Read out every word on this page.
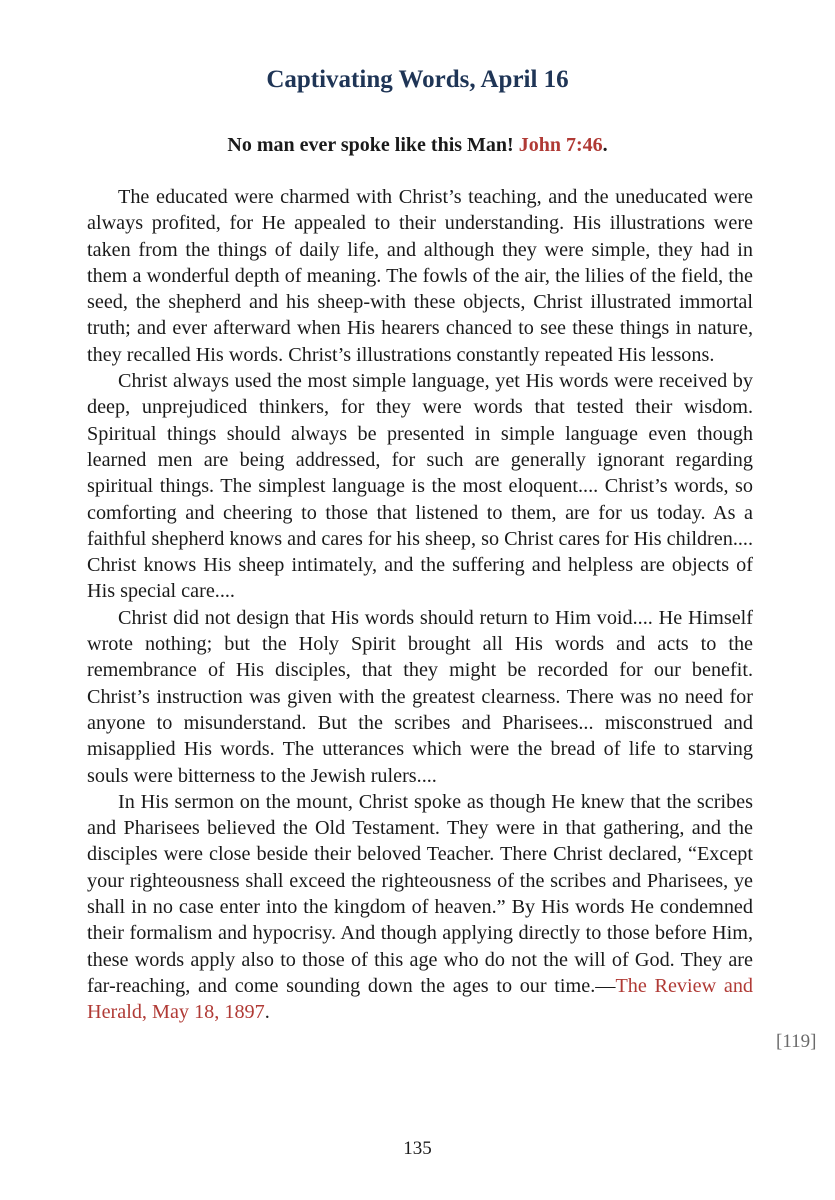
Captivating Words, April 16

No man ever spoke like this Man! John 7:46.

The educated were charmed with Christ’s teaching, and the uneducated were always profited, for He appealed to their understanding. His illustrations were taken from the things of daily life, and although they were simple, they had in them a wonderful depth of meaning. The fowls of the air, the lilies of the field, the seed, the shepherd and his sheep-with these objects, Christ illustrated immortal truth; and ever afterward when His hearers chanced to see these things in nature, they recalled His words. Christ’s illustrations constantly repeated His lessons.

Christ always used the most simple language, yet His words were received by deep, unprejudiced thinkers, for they were words that tested their wisdom. Spiritual things should always be presented in simple language even though learned men are being addressed, for such are generally ignorant regarding spiritual things. The simplest language is the most eloquent.... Christ’s words, so comforting and cheering to those that listened to them, are for us today. As a faithful shepherd knows and cares for his sheep, so Christ cares for His children.... Christ knows His sheep intimately, and the suffering and helpless are objects of His special care....

Christ did not design that His words should return to Him void.... He Himself wrote nothing; but the Holy Spirit brought all His words and acts to the remembrance of His disciples, that they might be recorded for our benefit. Christ’s instruction was given with the greatest clearness. There was no need for anyone to misunderstand. But the scribes and Pharisees... misconstrued and misapplied His words. The utterances which were the bread of life to starving souls were bitterness to the Jewish rulers....

In His sermon on the mount, Christ spoke as though He knew that the scribes and Pharisees believed the Old Testament. They were in that gathering, and the disciples were close beside their beloved Teacher. There Christ declared, “Except your righteousness shall exceed the righteousness of the scribes and Pharisees, ye shall in no case enter into the kingdom of heaven.” By His words He condemned their formalism and hypocrisy. And though applying directly to those before Him, these words apply also to those of this age who do not the will of God. They are far-reaching, and come sounding down the ages to our time.—The Review and Herald, May 18, 1897.

[119]
135
